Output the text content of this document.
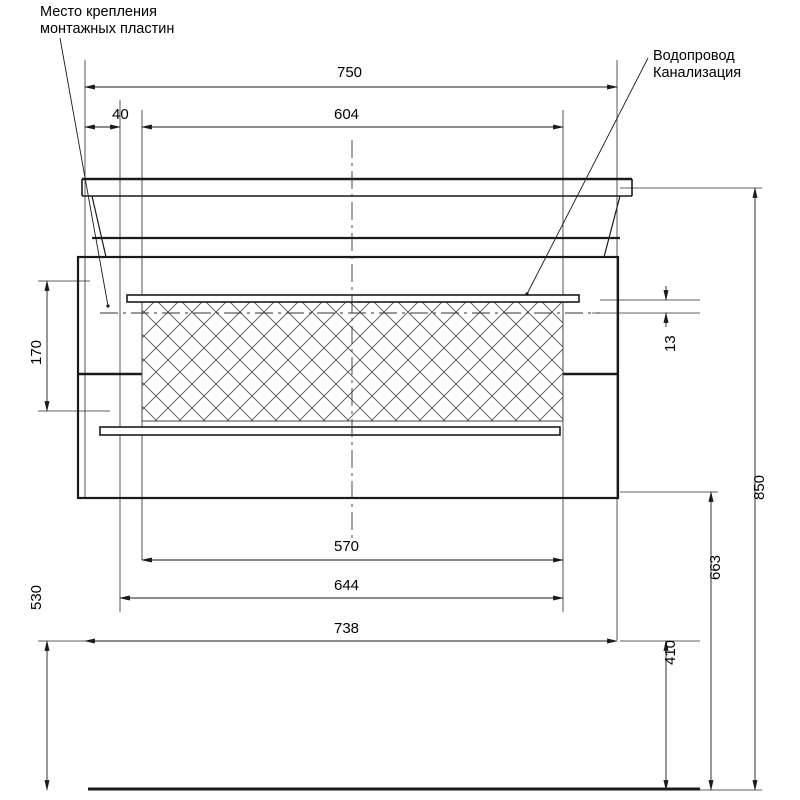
Место крепления
монтажных пластин
Водопровод
Канализация
750
40	604
170
530
13
850
663
410
570
644
738
